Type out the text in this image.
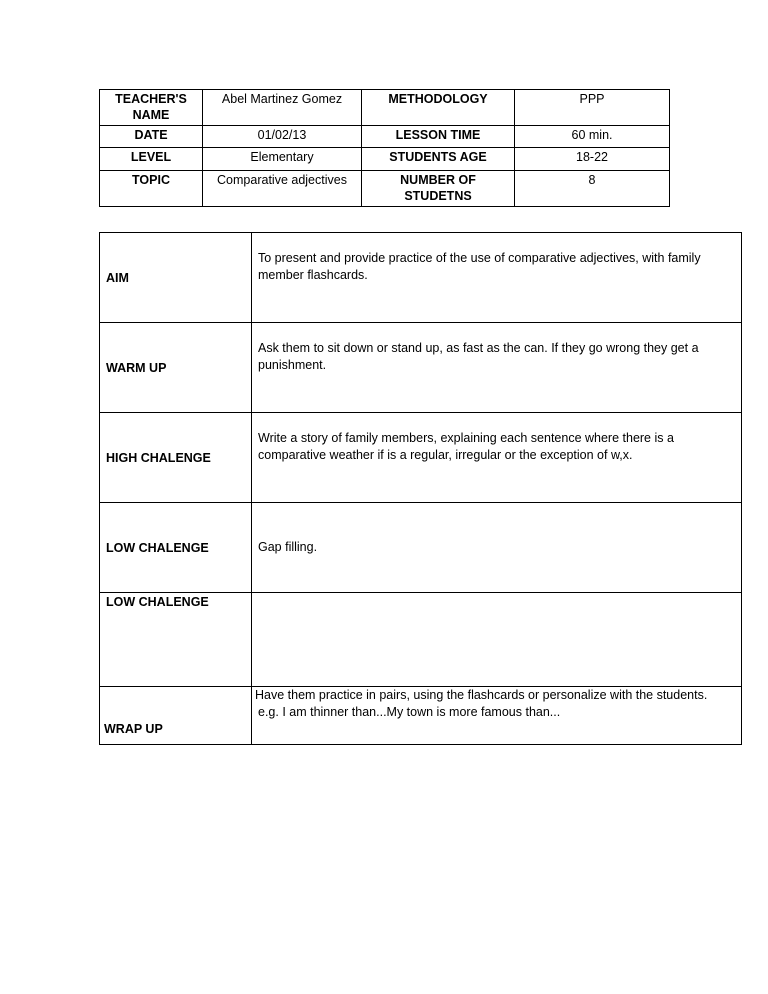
TEACHER'S NAME	Abel Martinez Gomez	METHODOLOGY	PPP
DATE	01/02/13	LESSON TIME	60 min.
LEVEL	Elementary	STUDENTS AGE	18-22
TOPIC	Comparative adjectives	NUMBER OF STUDETNS	8
AIM	To present and provide practice of the use of comparative adjectives, with family member flashcards.
WARM UP	Ask them to sit down or stand up, as fast as the can. If they go wrong they get a punishment.
HIGH CHALENGE	Write a story of family members, explaining each sentence where there is a comparative weather if is a regular, irregular or the exception of w,x.
LOW CHALENGE	Gap filling.
LOW CHALENGE	
WRAP UP	Have them practice in pairs, using the flashcards or personalize with the students.
e.g. I am thinner than...My town is more famous than...
